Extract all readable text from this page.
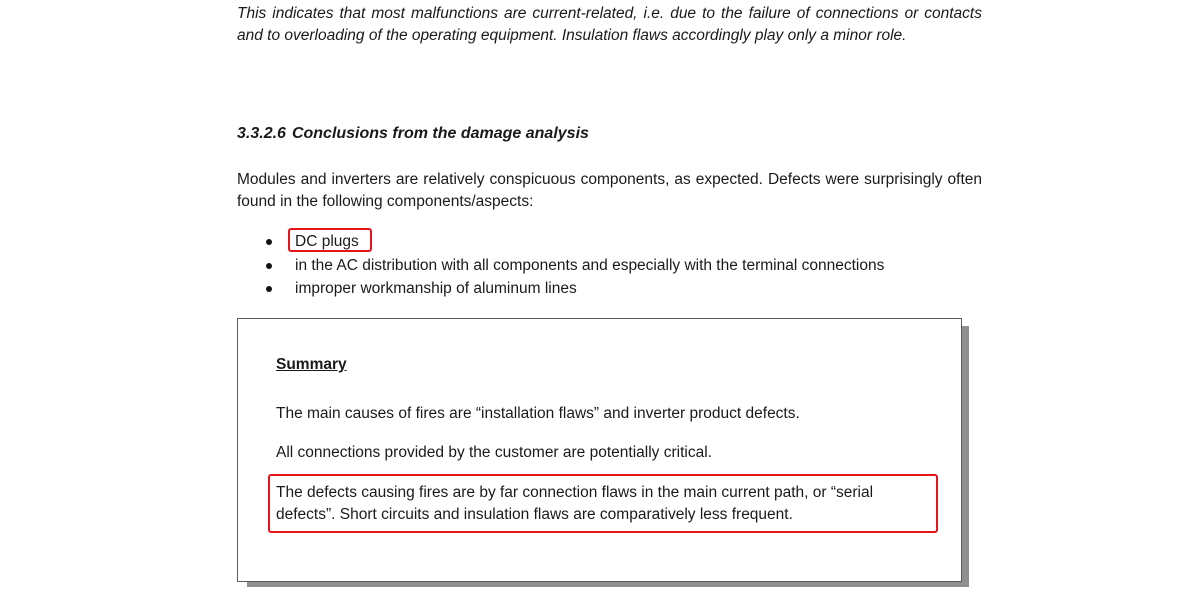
This indicates that most malfunctions are current-related, i.e. due to the failure of connections or contacts and to overloading of the operating equipment. Insulation flaws accordingly play only a minor role.

3.3.2.6 Conclusions from the damage analysis

Modules and inverters are relatively conspicuous components, as expected. Defects were surprisingly often found in the following components/aspects:

DC plugs
in the AC distribution with all components and especially with the terminal connections
improper workmanship of aluminum lines

Summary

The main causes of fires are “installation flaws” and inverter product defects.

All connections provided by the customer are potentially critical.

The defects causing fires are by far connection flaws in the main current path, or “serial defects”. Short circuits and insulation flaws are comparatively less frequent.
